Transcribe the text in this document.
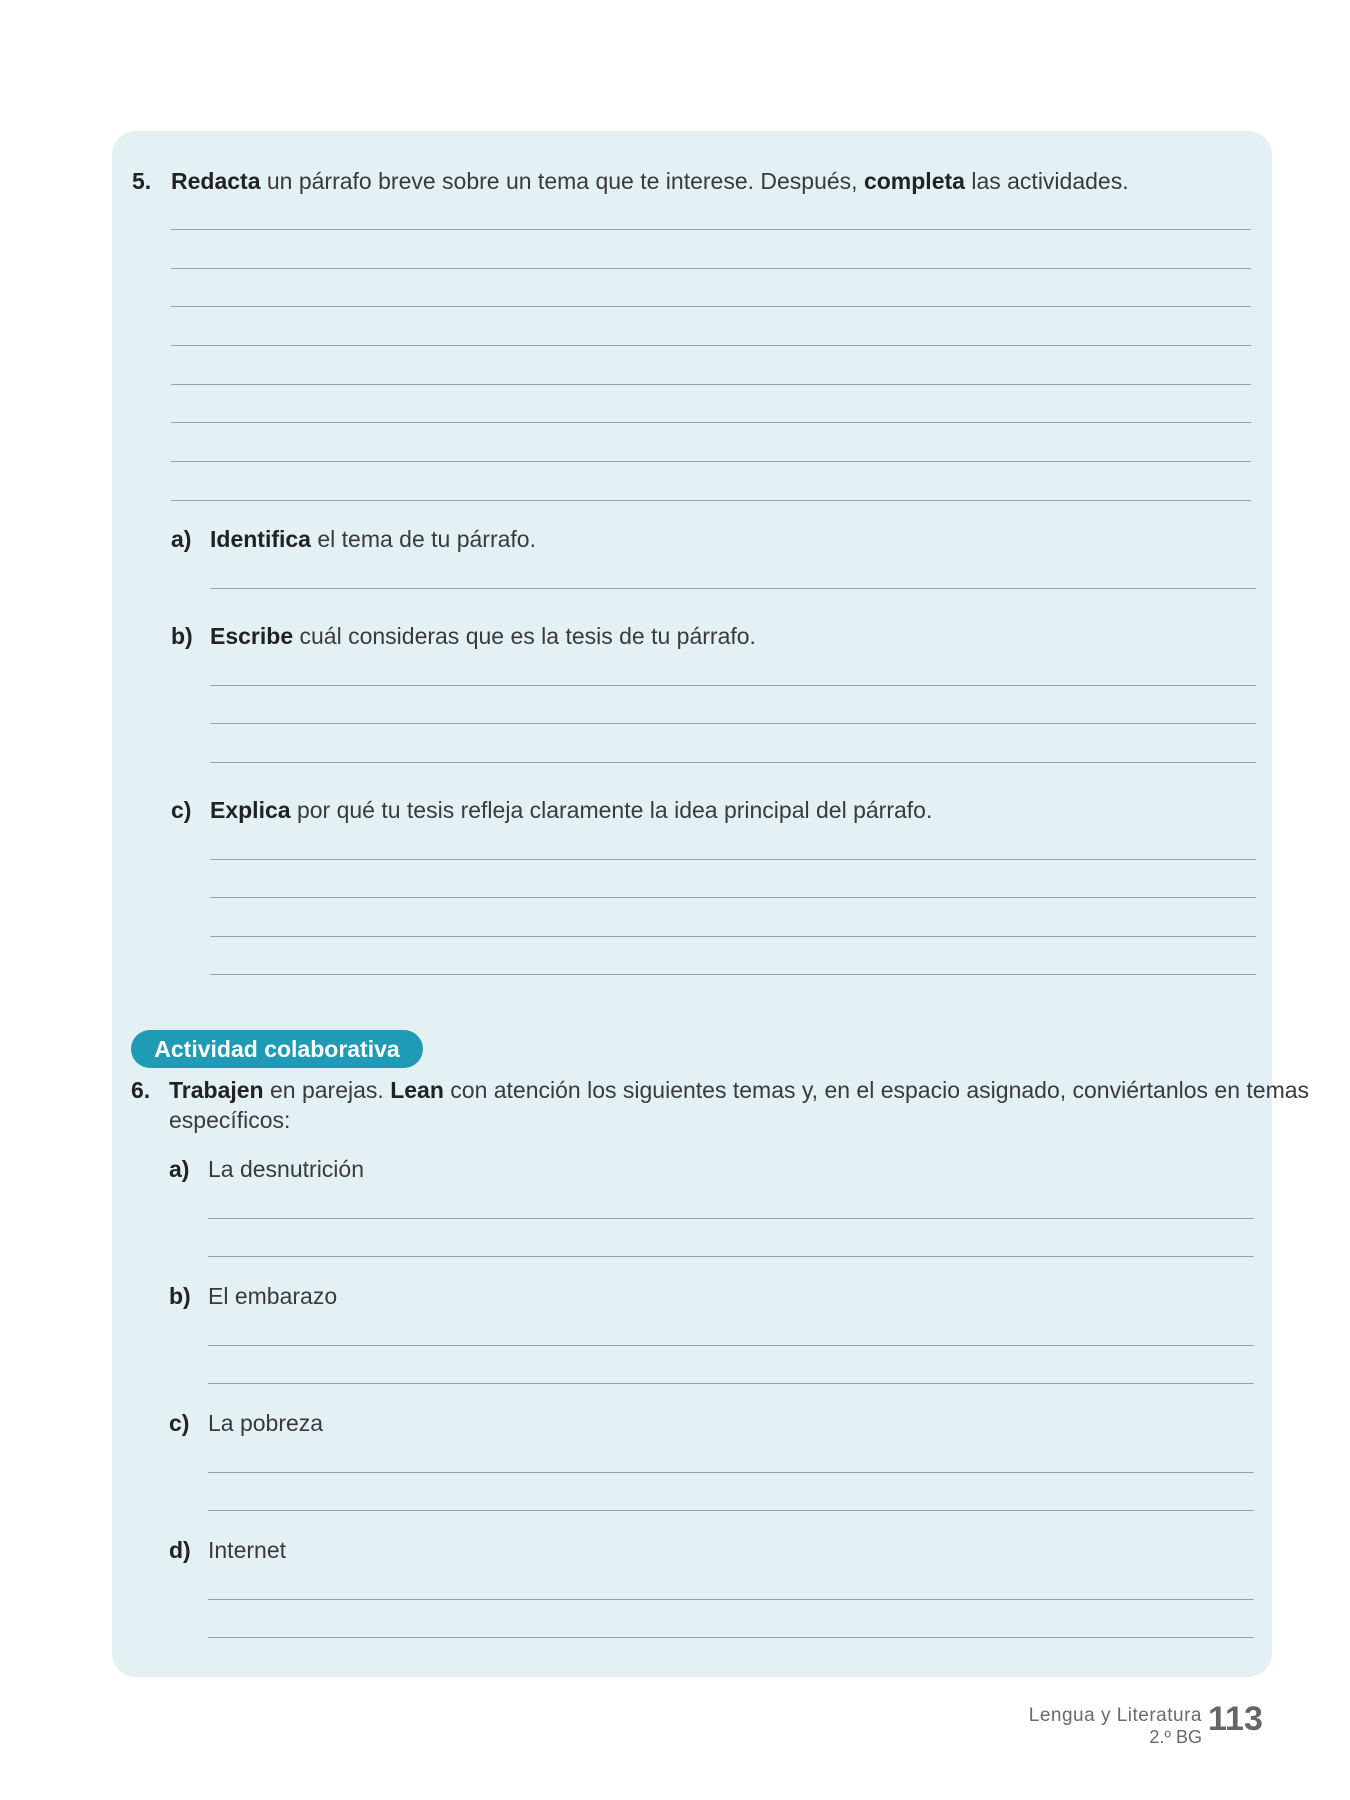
5. Redacta un párrafo breve sobre un tema que te interese. Después, completa las actividades.
a) Identifica el tema de tu párrafo.
b) Escribe cuál consideras que es la tesis de tu párrafo.
c) Explica por qué tu tesis refleja claramente la idea principal del párrafo.
Actividad colaborativa
6. Trabajen en parejas. Lean con atención los siguientes temas y, en el espacio asignado, conviértanlos en temas
específicos:
a) La desnutrición
b) El embarazo
c) La pobreza
d) Internet
Lengua y Literatura
2.º BG 113
